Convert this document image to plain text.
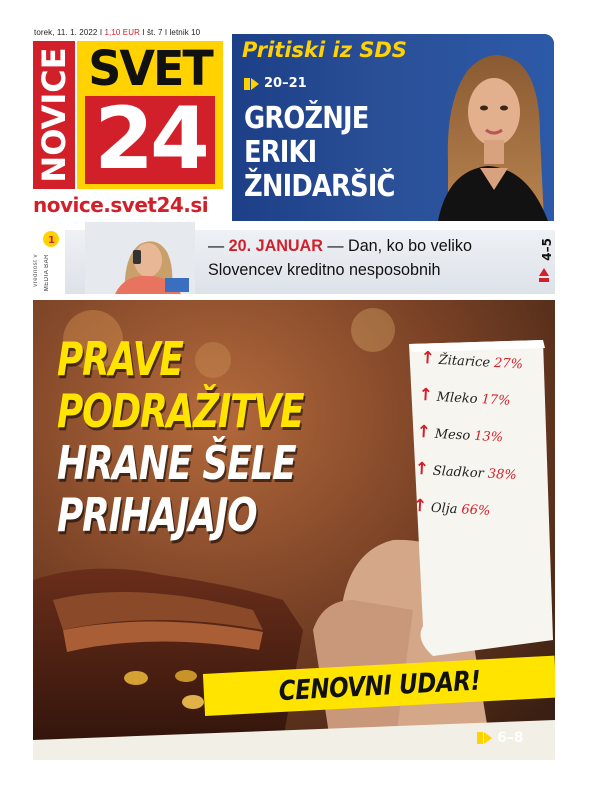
torek, 11. 1. 2022 I 1,10 EUR I št. 7 I letnik 10
NOVICE SVET
24
novice.svet24.si
Pritiski iz SDS
20–21
GROŽNJE
ERIKI
ŽNIDARŠIČ
1
vrednost v MEDIA BAR
— 20. JANUAR — Dan, ko bo veliko
Slovencev kreditno nesposobnih
4–5
↑ Žitarice 27%
↑ Mleko 17%
↑ Meso 13%
↑ Sladkor 38%
↑ Olja 66%
PRAVE
PODRAŽITVE
HRANE ŠELE
PRIHAJAJO
CENOVNI UDAR!
6–8
